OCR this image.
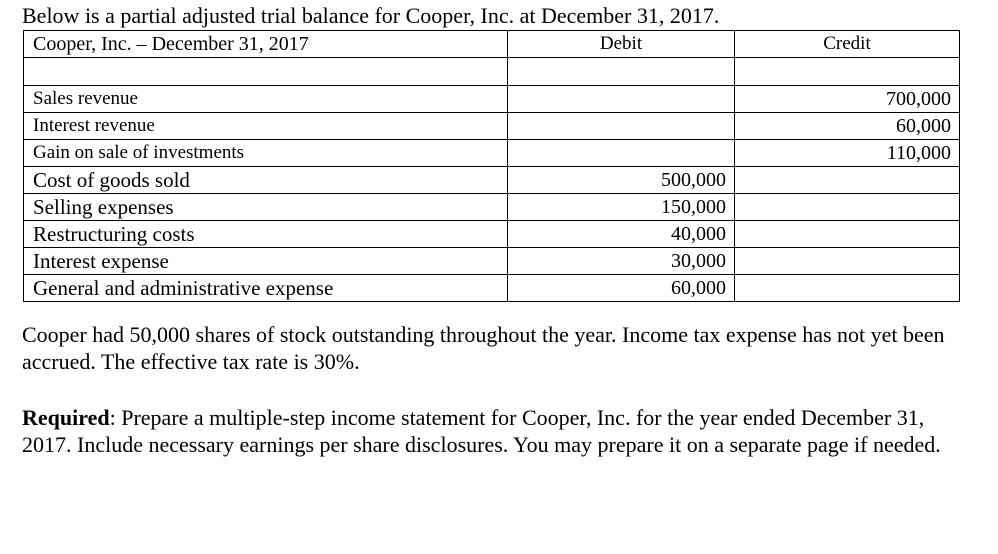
Below is a partial adjusted trial balance for Cooper, Inc. at December 31, 2017.
Cooper, Inc. – December 31, 2017	Debit	Credit

Sales revenue		700,000
Interest revenue		60,000
Gain on sale of investments		110,000
Cost of goods sold	500,000	
Selling expenses	150,000	
Restructuring costs	40,000	
Interest expense	30,000	
General and administrative expense	60,000	
Cooper had 50,000 shares of stock outstanding throughout the year. Income tax expense has not yet been accrued. The effective tax rate is 30%.
Required: Prepare a multiple-step income statement for Cooper, Inc. for the year ended December 31, 2017. Include necessary earnings per share disclosures. You may prepare it on a separate page if needed.
